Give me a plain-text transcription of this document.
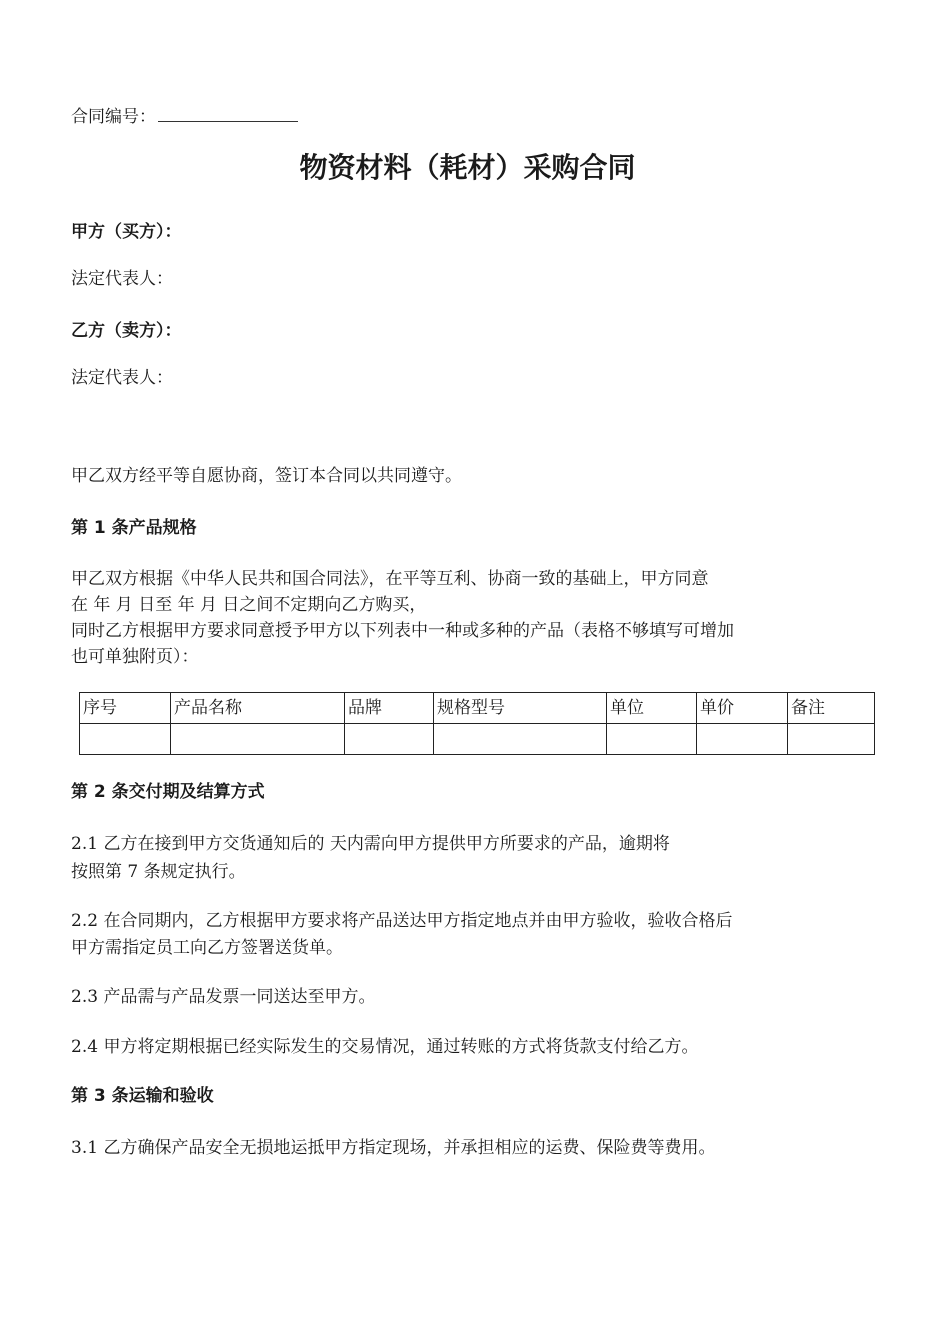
合同编号：
物资材料（耗材）采购合同
甲方（买方）：
法定代表人：
乙方（卖方）：
法定代表人：
甲乙双方经平等自愿协商，签订本合同以共同遵守。
第 1 条产品规格
甲乙双方根据《中华人民共和国合同法》，在平等互利、协商一致的基础上，甲方同意
在 年 月 日至 年 月 日之间不定期向乙方购买，
同时乙方根据甲方要求同意授予甲方以下列表中一种或多种的产品（表格不够填写可增加
也可单独附页）：
序号	产品名称	品牌	规格型号	单位	单价	备注

第 2 条交付期及结算方式
2.1 乙方在接到甲方交货通知后的 天内需向甲方提供甲方所要求的产品，逾期将
按照第 7 条规定执行。
2.2 在合同期内，乙方根据甲方要求将产品送达甲方指定地点并由甲方验收，验收合格后
甲方需指定员工向乙方签署送货单。
2.3 产品需与产品发票一同送达至甲方。
2.4 甲方将定期根据已经实际发生的交易情况，通过转账的方式将货款支付给乙方。
第 3 条运输和验收
3.1 乙方确保产品安全无损地运抵甲方指定现场，并承担相应的运费、保险费等费用。
